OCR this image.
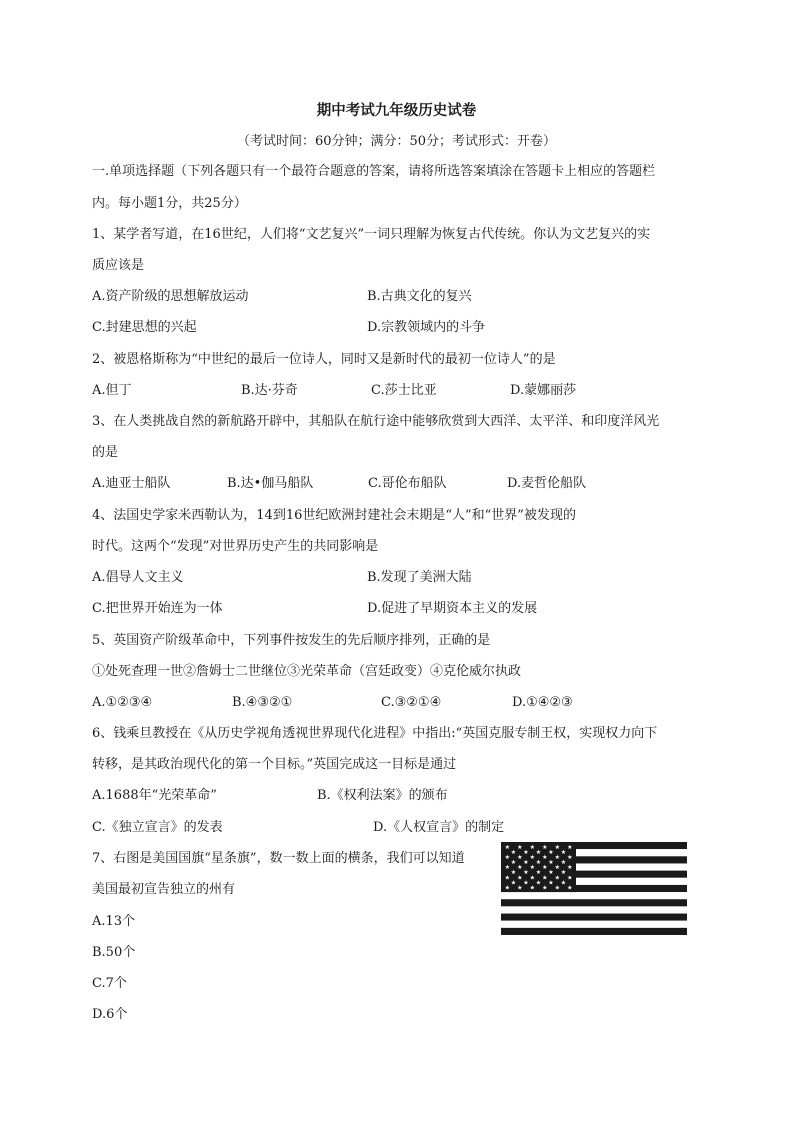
期中考试九年级历史试卷
（考试时间：60分钟；满分：50分；考试形式：开卷）
一.单项选择题（下列各题只有一个最符合题意的答案，请将所选答案填涂在答题卡上相应的答题栏
内。每小题1分，共25分）
1、某学者写道，在16世纪，人们将“文艺复兴”一词只理解为恢复古代传统。你认为文艺复兴的实
质应该是
A.资产阶级的思想解放运动	B.古典文化的复兴
C.封建思想的兴起	D.宗教领域内的斗争
2、被恩格斯称为“中世纪的最后一位诗人，同时又是新时代的最初一位诗人”的是
A.但丁	B.达·芬奇	C.莎士比亚	D.蒙娜丽莎
3、在人类挑战自然的新航路开辟中，其船队在航行途中能够欣赏到大西洋、太平洋、和印度洋风光
的是
A.迪亚士船队	B.达•伽马船队	C.哥伦布船队	D.麦哲伦船队
4、法国史学家米西勒认为，14到16世纪欧洲封建社会末期是“人”和“世界”被发现的
时代。这两个“发现”对世界历史产生的共同影响是
A.倡导人文主义	B.发现了美洲大陆
C.把世界开始连为一体	D.促进了早期资本主义的发展
5、英国资产阶级革命中，下列事件按发生的先后顺序排列，正确的是
①处死查理一世②詹姆士二世继位③光荣革命（宫廷政变）④克伦威尔执政
A.①②③④	B.④③②①	C.③②①④	D.①④②③
6、钱乘旦教授在《从历史学视角透视世界现代化进程》中指出:“英国克服专制王权，实现权力向下
转移，是其政治现代化的第一个目标。”英国完成这一目标是通过
A.1688年“光荣革命”	B.《权利法案》的颁布
C.《独立宣言》的发表	D.《人权宣言》的制定
7、右图是美国国旗“星条旗”，数一数上面的横条，我们可以知道
美国最初宣告独立的州有
A.13个
B.50个
C.7个
D.6个
★ ★ ★ ★ ★ ★
★ ★ ★ ★ ★
★ ★ ★ ★ ★ ★
★ ★ ★ ★ ★
★ ★ ★ ★ ★ ★
★ ★ ★ ★ ★
★ ★ ★ ★ ★ ★
★ ★ ★ ★ ★
★ ★ ★ ★ ★ ★
